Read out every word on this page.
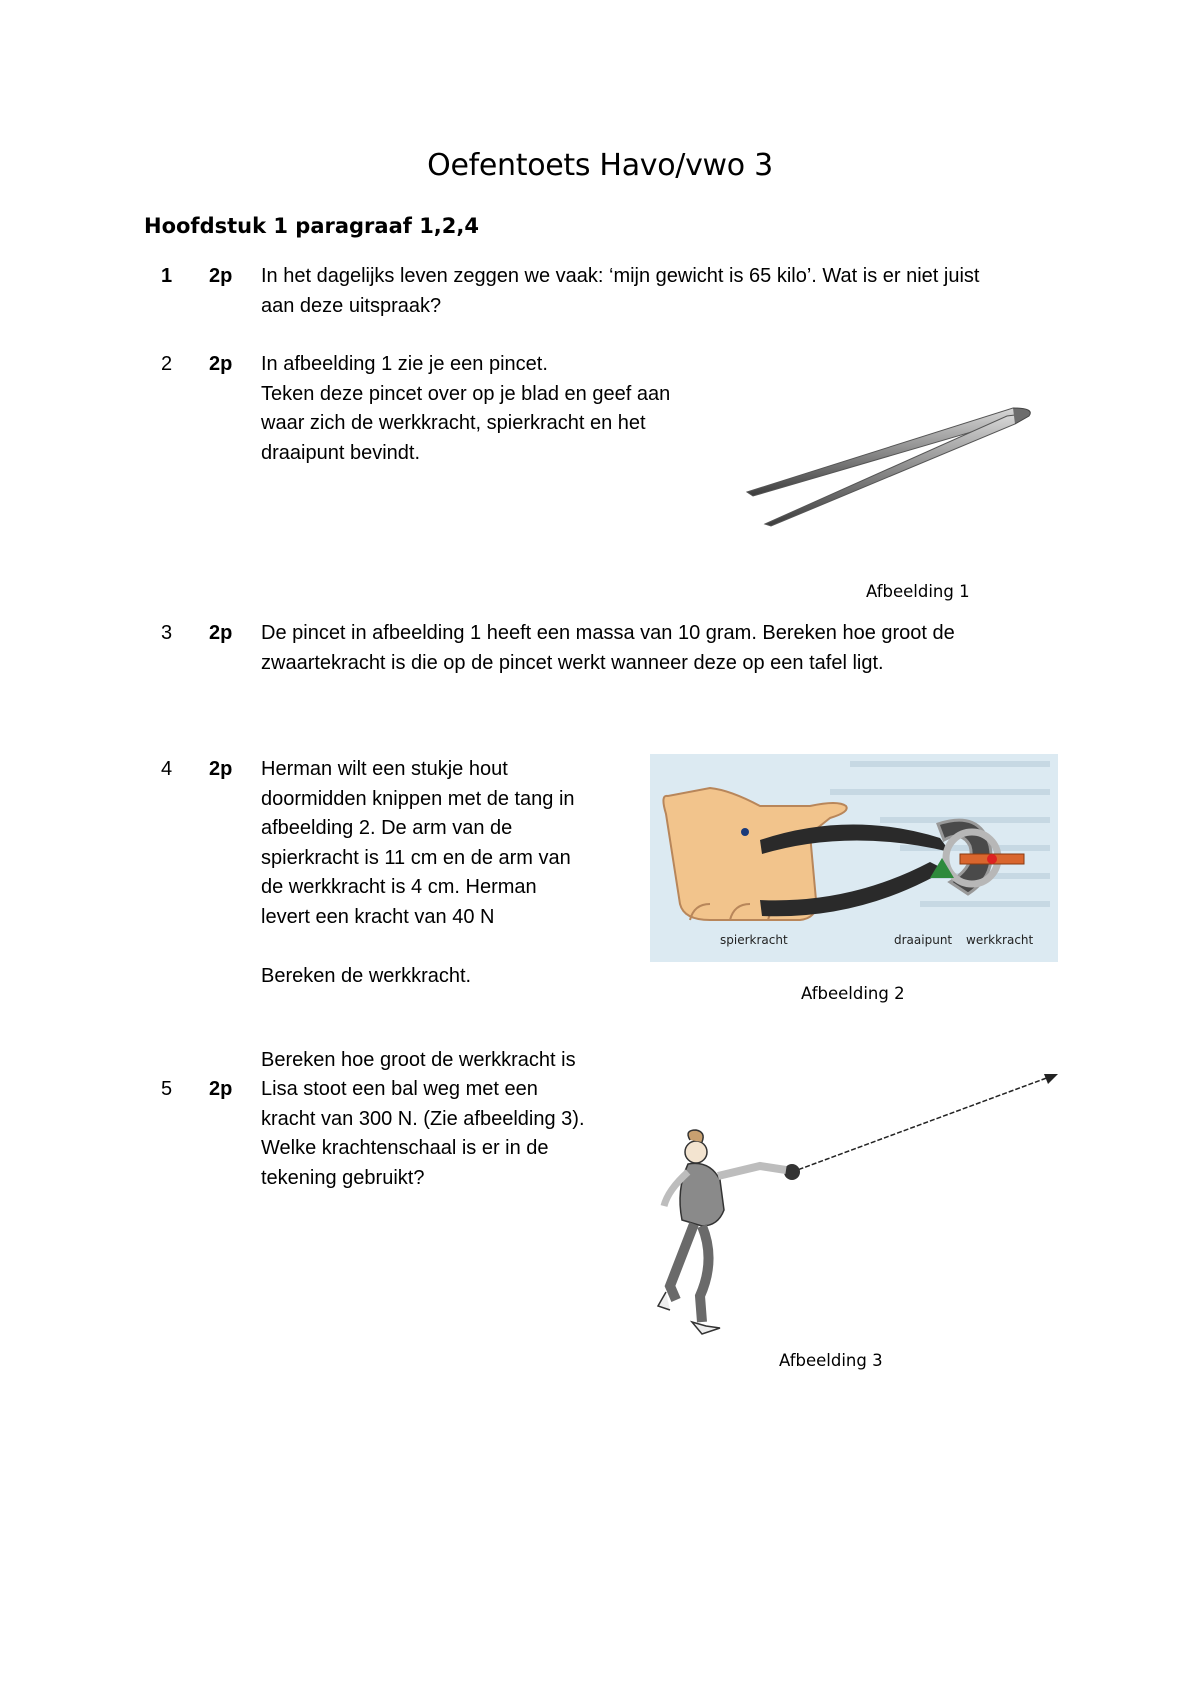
Oefentoets Havo/vwo 3
Hoofdstuk 1 paragraaf 1,2,4
1	2p In het dagelijks leven zeggen we vaak: ‘mijn gewicht is 65 kilo’. Wat is er niet juist
aan deze uitspraak?
2	2p In afbeelding 1 zie je een pincet.
Teken deze pincet over op je blad en geef aan
waar zich de werkkracht, spierkracht en het
draaipunt bevindt.
Afbeelding 1
3	2p De pincet in afbeelding 1 heeft een massa van 10 gram. Bereken hoe groot de
zwaartekracht is die op de pincet werkt wanneer deze op een tafel ligt.
4	2p Herman wilt een stukje hout
doormidden knippen met de tang in
afbeelding 2. De arm van de
spierkracht is 11 cm en de arm van
de werkkracht is 4 cm. Herman
levert een kracht van 40 N
Bereken de werkkracht.
spierkracht	draaipunt werkkracht
Afbeelding 2
Bereken hoe groot de werkkracht is
5	2p Lisa stoot een bal weg met een
kracht van 300 N. (Zie afbeelding 3).
Welke krachtenschaal is er in de
tekening gebruikt?
Afbeelding 3
